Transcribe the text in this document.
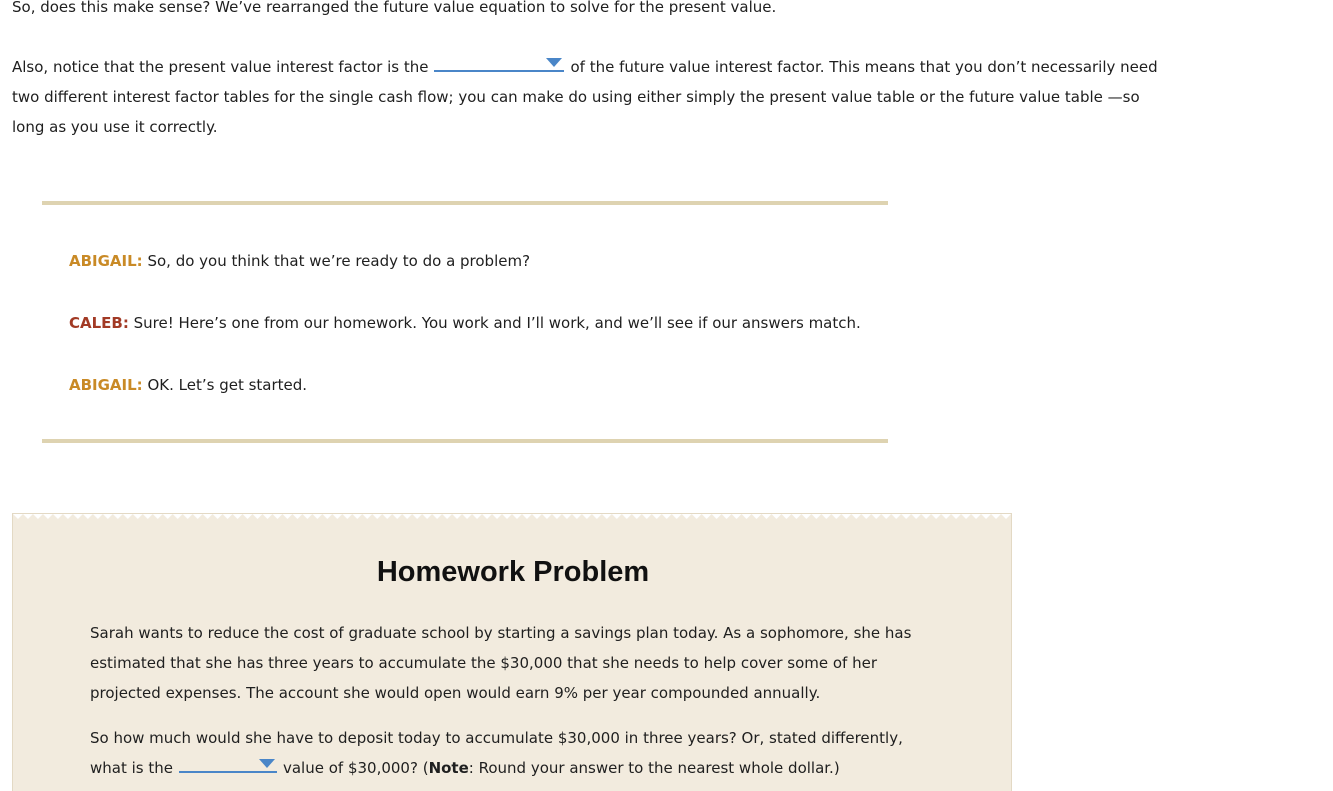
So, does this make sense? We’ve rearranged the future value equation to solve for the present value.
Also, notice that the present value interest factor is the	of the future value interest factor. This means that you don’t necessarily need two different interest factor tables for the single cash flow; you can make do using either simply the present value table or the future value table —so long as you use it correctly.
ABIGAIL: So, do you think that we’re ready to do a problem?
CALEB: Sure! Here’s one from our homework. You work and I’ll work, and we’ll see if our answers match.
ABIGAIL: OK. Let’s get started.
Homework Problem
Sarah wants to reduce the cost of graduate school by starting a savings plan today. As a sophomore, she has estimated that she has three years to accumulate the $30,000 that she needs to help cover some of her projected expenses. The account she would open would earn 9% per year compounded annually.
So how much would she have to deposit today to accumulate $30,000 in three years? Or, stated differently, what is the	value of $30,000? (Note: Round your answer to the nearest whole dollar.)
